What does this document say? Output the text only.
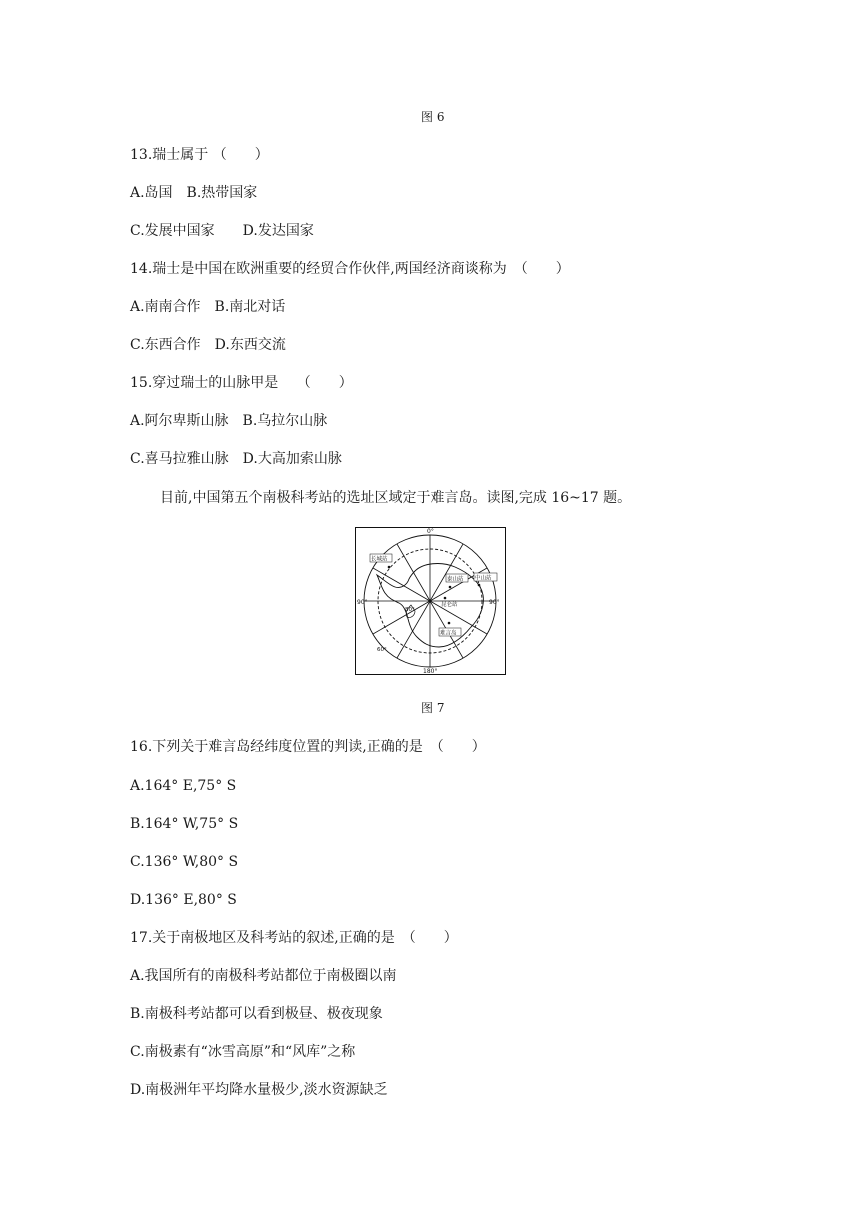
图 6
13.瑞士属于 （　　）
A.岛国　B.热带国家
C.发展中国家　　D.发达国家
14.瑞士是中国在欧洲重要的经贸合作伙伴,两国经济商谈称为　（　　）
A.南南合作　B.南北对话
C.东西合作　D.东西交流
15.穿过瑞士的山脉甲是　 （　　）
A.阿尔卑斯山脉　B.乌拉尔山脉
C.喜马拉雅山脉　D.大高加索山脉
目前,中国第五个南极科考站的选址区域定于难言岛。读图,完成 16~17 题。
0°
180°
90°	90°
80°
60°
长城站
泰山站 中山站
昆仑站
难言岛
图 7
16.下列关于难言岛经纬度位置的判读,正确的是　（　　）
A.164° E,75° S
B.164° W,75° S
C.136° W,80° S
D.136° E,80° S
17.关于南极地区及科考站的叙述,正确的是　（　　）
A.我国所有的南极科考站都位于南极圈以南
B.南极科考站都可以看到极昼、极夜现象
C.南极素有“冰雪高原”和“风库”之称
D.南极洲年平均降水量极少,淡水资源缺乏
